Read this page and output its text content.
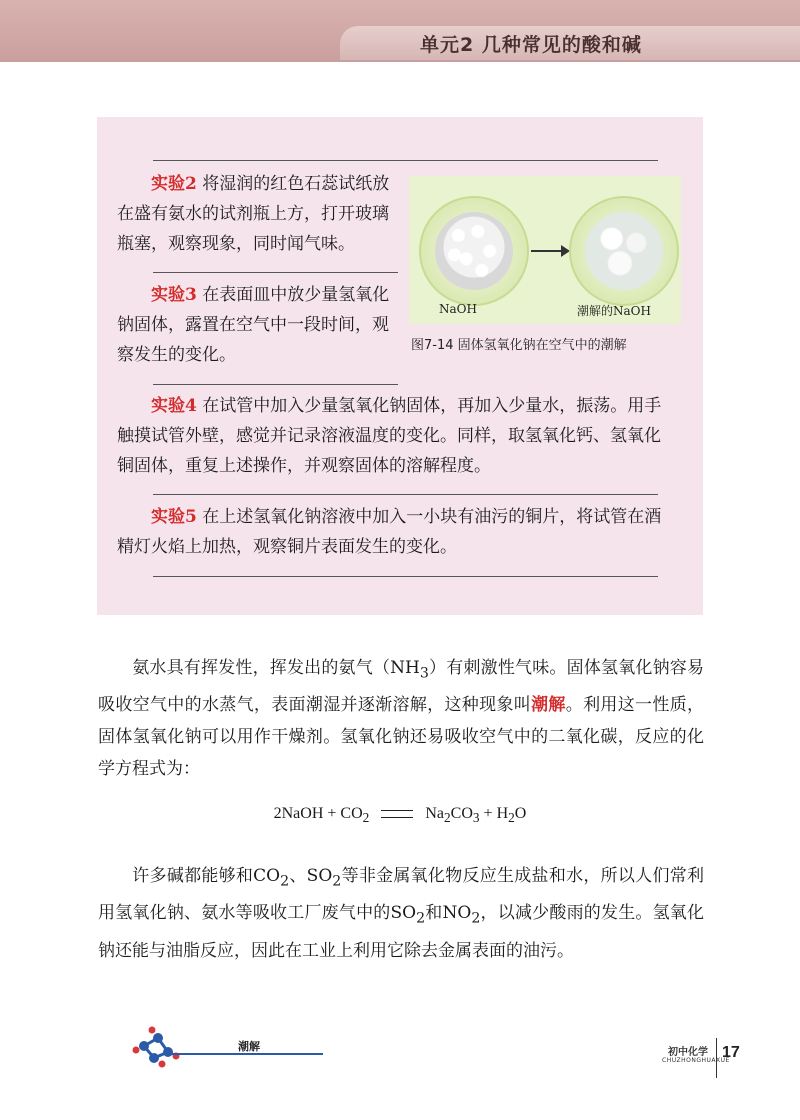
单元2 几种常见的酸和碱
实验2 将湿润的红色石蕊试纸放
在盛有氨水的试剂瓶上方，打开玻璃
瓶塞，观察现象，同时闻气味。
实验3 在表面皿中放少量氢氧化
钠固体，露置在空气中一段时间，观
察发生的变化。
NaOH	潮解的NaOH
图7-14 固体氢氧化钠在空气中的潮解
实验4 在试管中加入少量氢氧化钠固体，再加入少量水，振荡。用手
触摸试管外壁，感觉并记录溶液温度的变化。同样，取氢氧化钙、氢氧化
铜固体，重复上述操作，并观察固体的溶解程度。
实验5 在上述氢氧化钠溶液中加入一小块有油污的铜片，将试管在酒
精灯火焰上加热，观察铜片表面发生的变化。
氨水具有挥发性，挥发出的氨气$(NH_3)$有刺激性气味。固体氢氧化钠容易吸收空气中的水蒸气，表面潮湿并逐渐溶解，这种现象叫潮解。利用这一性质，固体氢氧化钠可以用作干燥剂。氢氧化钠还易吸收空气中的二氧化碳，反应的化学方程式为：
2NaOH + $CO_2$	$Na_2CO_3 + H_2O$
许多碱都能够和$CO_2$、$SO_2$等非金属氧化物反应生成盐和水，所以人们常利用氢氧化钠、氨水等吸收工厂废气中的$SO_2$和$NO_2$，以减少酸雨的发生。氢氧化钠还能与油脂反应，因此在工业上利用它除去金属表面的油污。
潮解	初中化学
CHUZHONGHUAXUE
17
